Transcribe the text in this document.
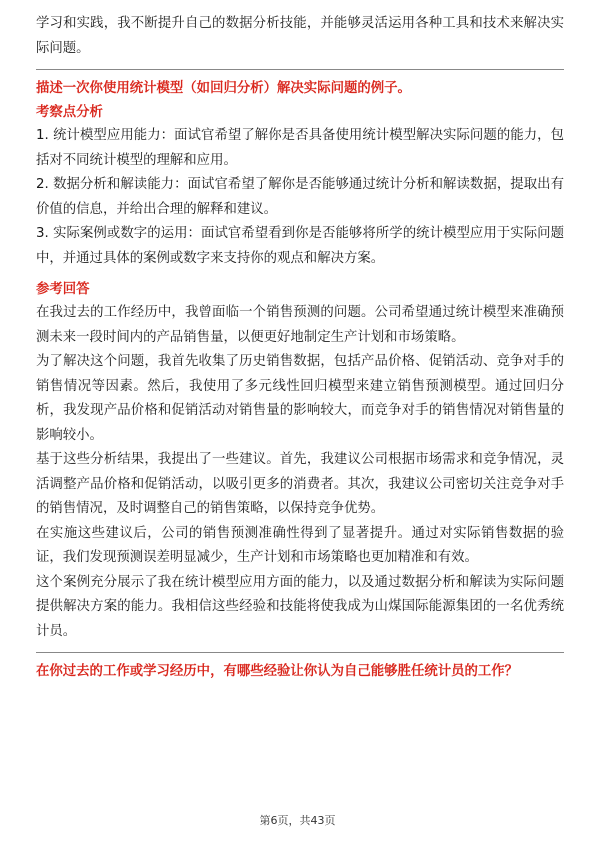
学习和实践，我不断提升自己的数据分析技能，并能够灵活运用各种工具和技术来解决实际问题。

描述一次你使用统计模型（如回归分析）解决实际问题的例子。

考察点分析

1. 统计模型应用能力：面试官希望了解你是否具备使用统计模型解决实际问题的能力，包括对不同统计模型的理解和应用。

2. 数据分析和解读能力：面试官希望了解你是否能够通过统计分析和解读数据，提取出有价值的信息，并给出合理的解释和建议。

3. 实际案例或数字的运用：面试官希望看到你是否能够将所学的统计模型应用于实际问题中，并通过具体的案例或数字来支持你的观点和解决方案。

参考回答

在我过去的工作经历中，我曾面临一个销售预测的问题。公司希望通过统计模型来准确预测未来一段时间内的产品销售量，以便更好地制定生产计划和市场策略。

为了解决这个问题，我首先收集了历史销售数据，包括产品价格、促销活动、竞争对手的销售情况等因素。然后，我使用了多元线性回归模型来建立销售预测模型。通过回归分析，我发现产品价格和促销活动对销售量的影响较大，而竞争对手的销售情况对销售量的影响较小。

基于这些分析结果，我提出了一些建议。首先，我建议公司根据市场需求和竞争情况，灵活调整产品价格和促销活动，以吸引更多的消费者。其次，我建议公司密切关注竞争对手的销售情况，及时调整自己的销售策略，以保持竞争优势。

在实施这些建议后，公司的销售预测准确性得到了显著提升。通过对实际销售数据的验证，我们发现预测误差明显减少，生产计划和市场策略也更加精准和有效。

这个案例充分展示了我在统计模型应用方面的能力，以及通过数据分析和解读为实际问题提供解决方案的能力。我相信这些经验和技能将使我成为山煤国际能源集团的一名优秀统计员。

在你过去的工作或学习经历中，有哪些经验让你认为自己能够胜任统计员的工作？

第6页，共43页
